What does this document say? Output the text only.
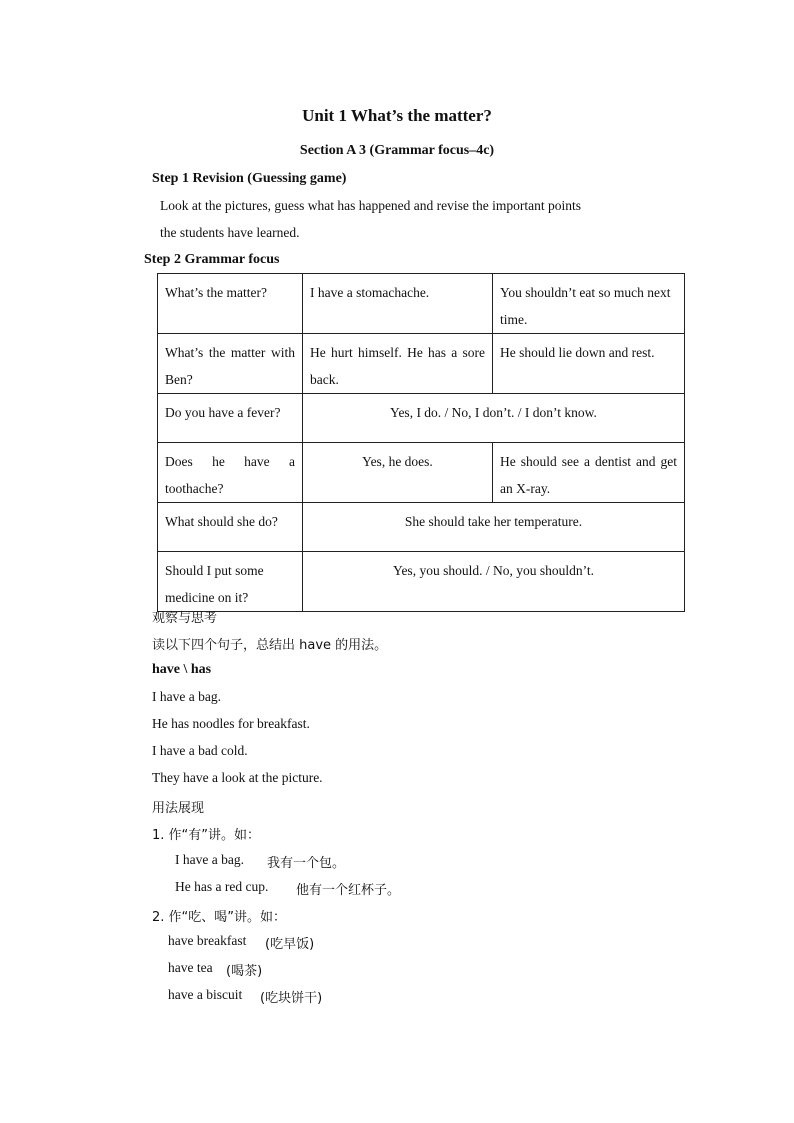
Unit 1 What’s the matter?
Section A 3 (Grammar focus–4c)
Step 1 Revision (Guessing game)
Look at the pictures, guess what has happened and revise the important points
the students have learned.
Step 2 Grammar focus
What’s the matter?	I have a stomachache.	You shouldn’t eat so much next time.
What’s the matter with Ben?	He hurt himself. He has a sore back.	He should lie down and rest.
Do you have a fever?	Yes, I do. / No, I don’t. / I don’t know.	
Does he have a toothache?	Yes, he does.	He should see a dentist and get an X-ray.
What should she do?	She should take her temperature.	
Should I put some medicine on it?	Yes, you should. / No, you shouldn’t.	
观察与思考
读以下四个句子，总结出 have 的用法。
have \ has
I have a bag.
He has noodles for breakfast.
I have a bad cold.
They have a look at the picture.
用法展现
1. 作“有”讲。如：
I have a bag. 我有一个包。
He has a red cup. 他有一个红杯子。
2. 作“吃、喝”讲。如：
have breakfast (吃早饭)
have tea (喝茶)
have a biscuit (吃块饼干)
